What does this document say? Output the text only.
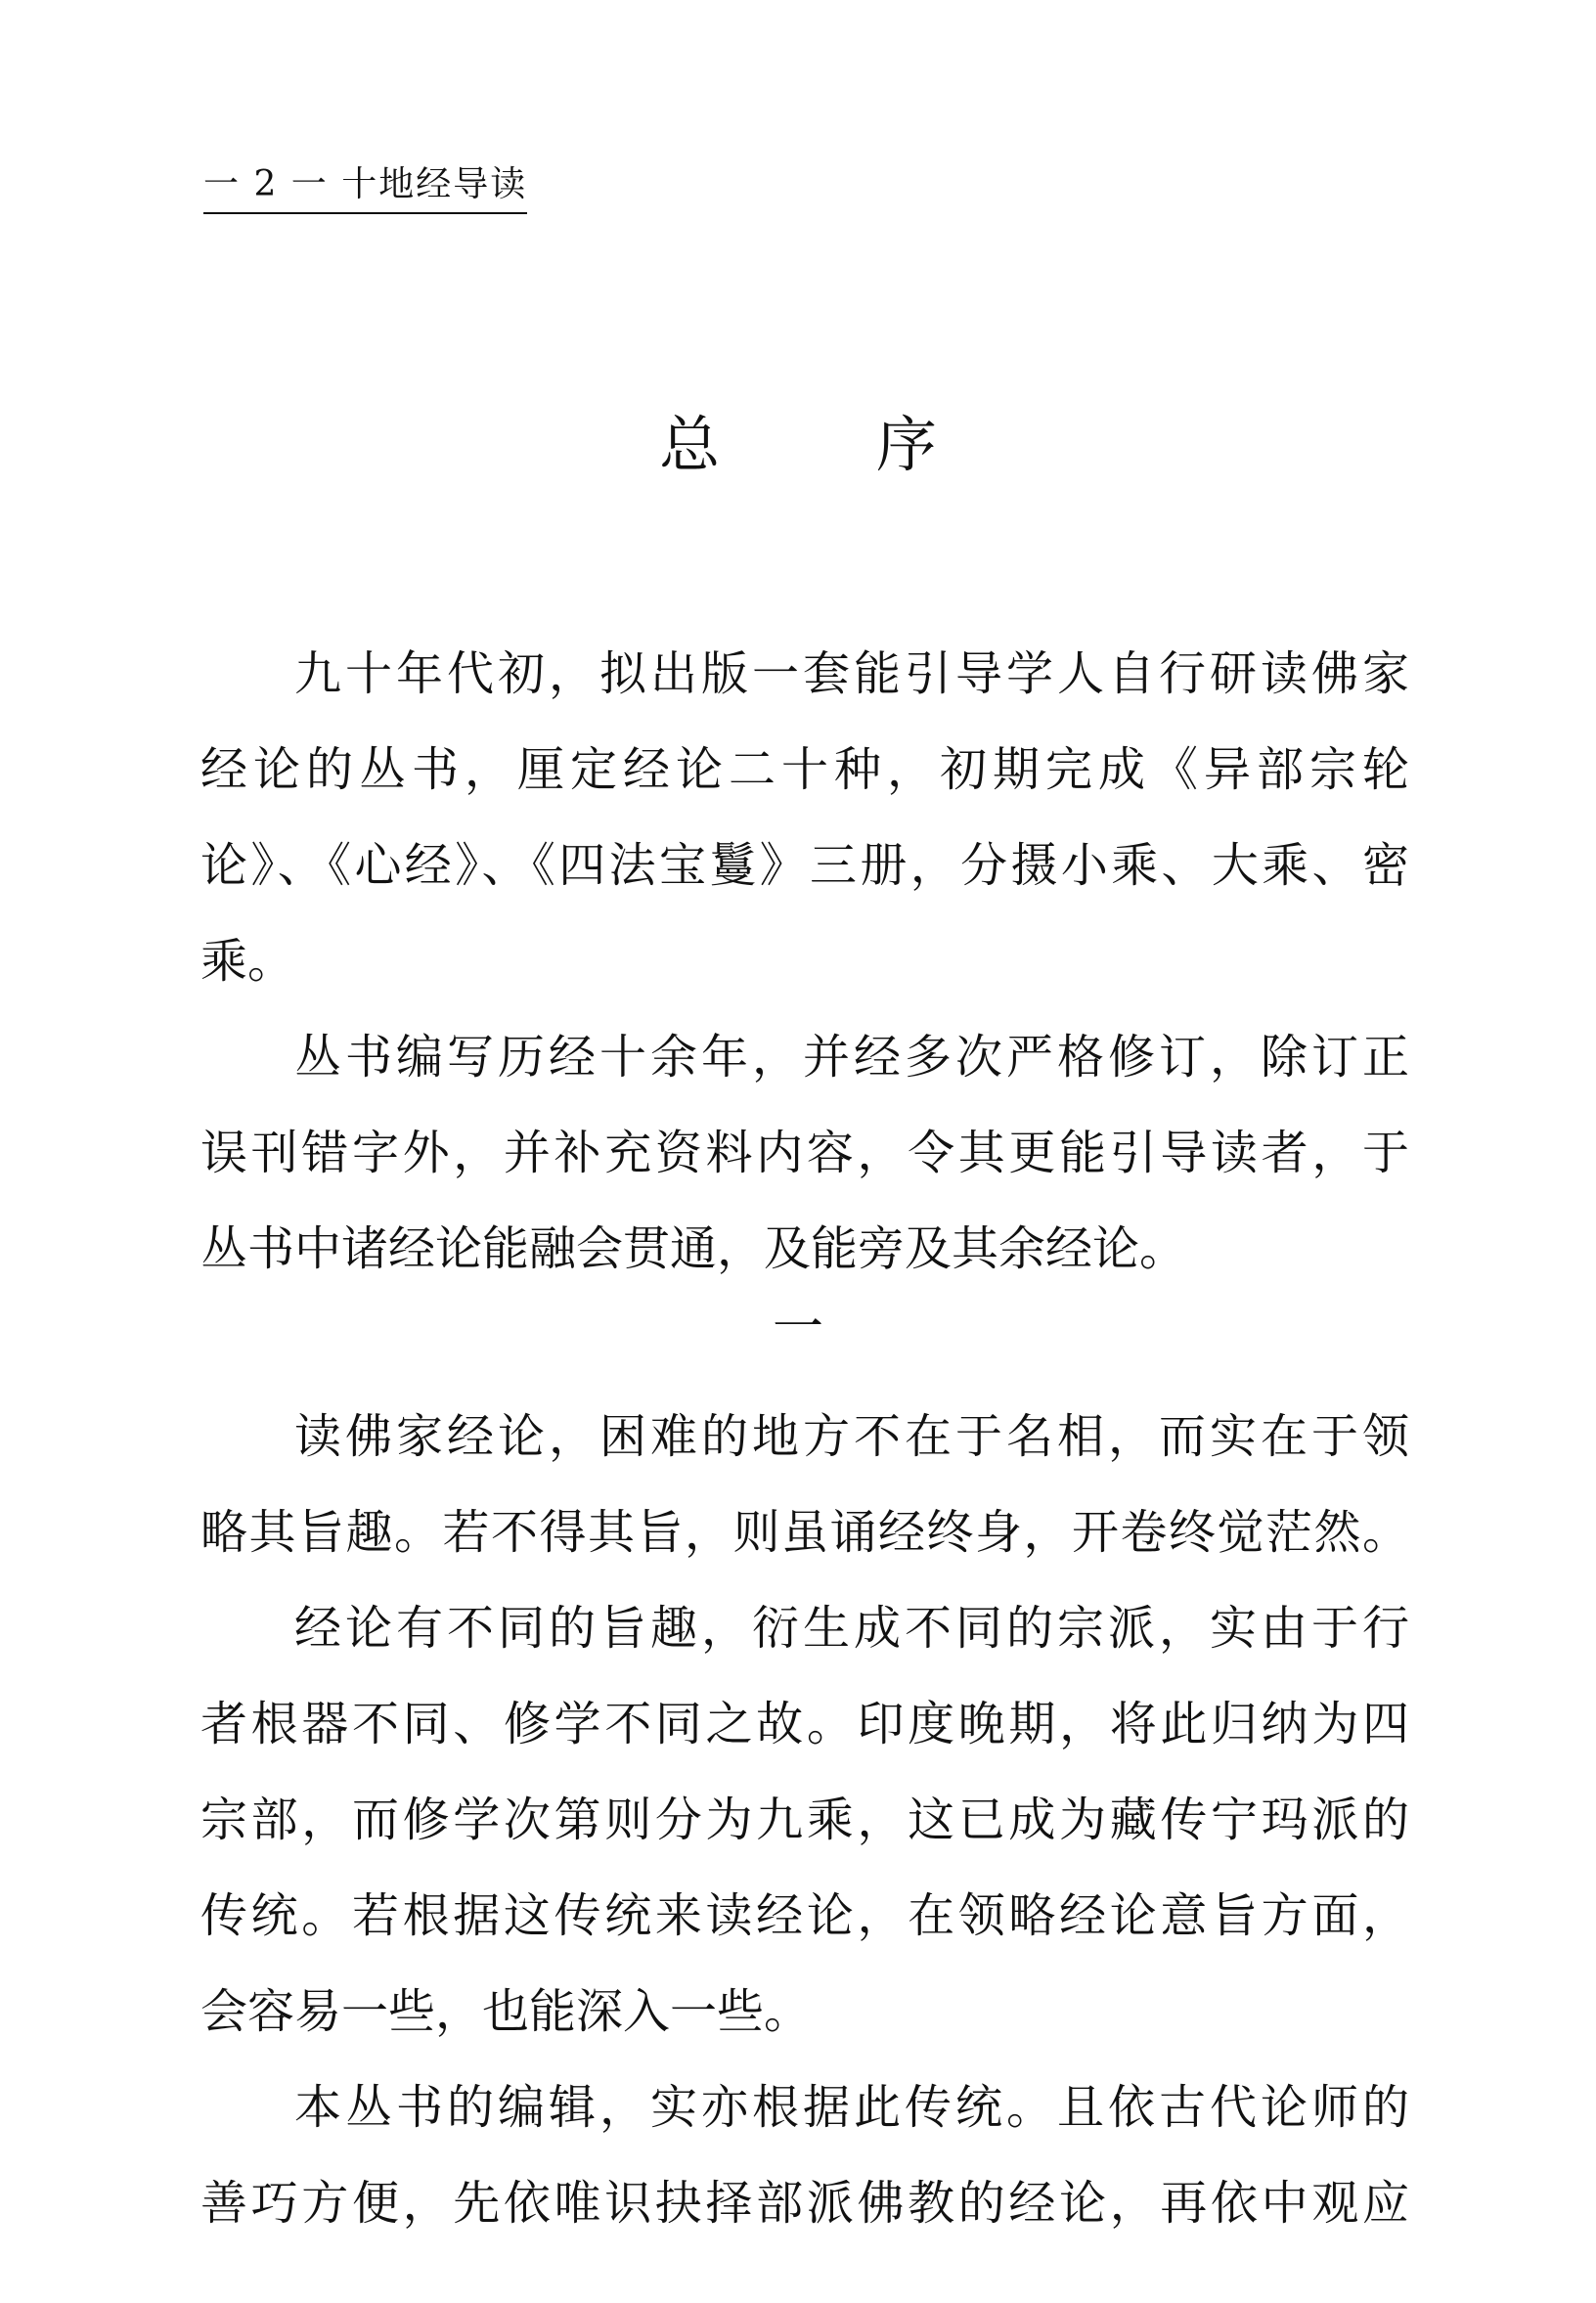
一 2 一 十地经导读
总 序
九十年代初，拟出版一套能引导学人自行研读佛家
经论的丛书，厘定经论二十种，初期完成《异部宗轮
论》、《心经》、《四法宝鬘》三册，分摄小乘、大乘、密
乘。
丛书编写历经十余年，并经多次严格修订，除订正
误刊错字外，并补充资料内容，令其更能引导读者，于
丛书中诸经论能融会贯通，及能旁及其余经论。
一
读佛家经论，困难的地方不在于名相，而实在于领
略其旨趣。若不得其旨，则虽诵经终身，开卷终觉茫然。
经论有不同的旨趣，衍生成不同的宗派，实由于行
者根器不同、修学不同之故。印度晚期，将此归纳为四
宗部，而修学次第则分为九乘，这已成为藏传宁玛派的
传统。若根据这传统来读经论，在领略经论意旨方面，
会容易一些，也能深入一些。
本丛书的编辑，实亦根据此传统。且依古代论师的
善巧方便，先依唯识抉择部派佛教的经论，再依中观应
